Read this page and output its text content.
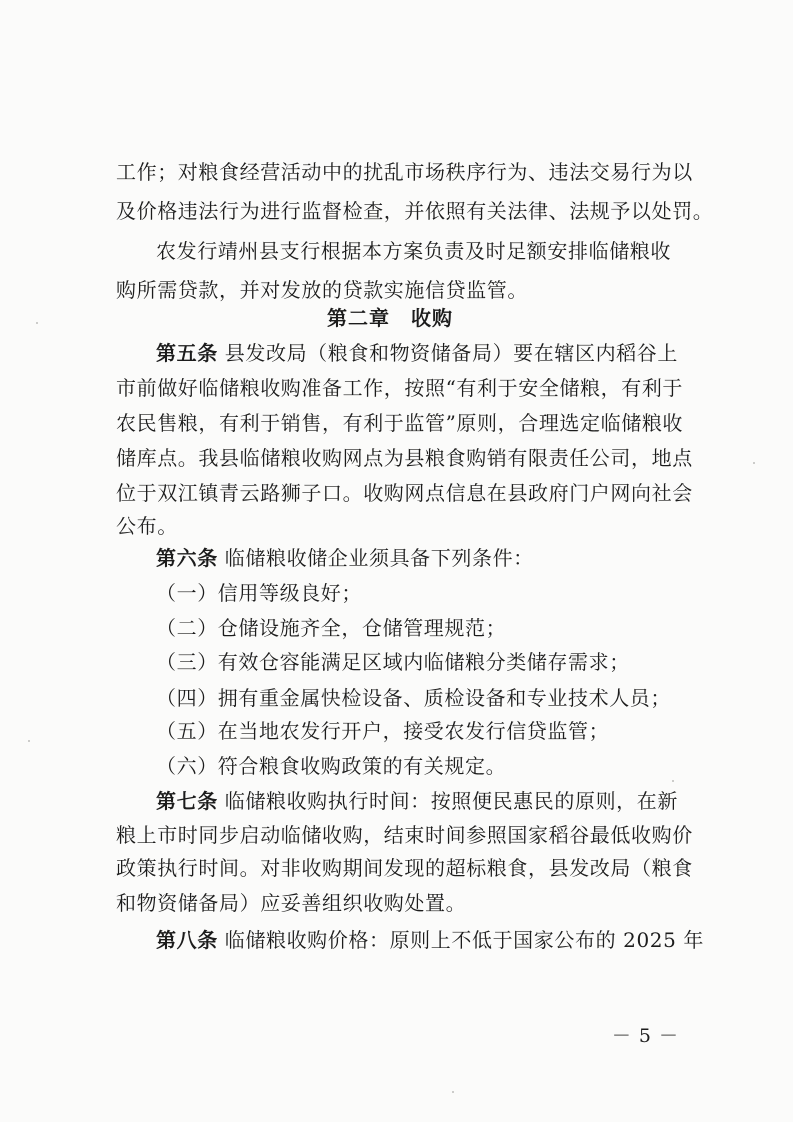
工作；对粮食经营活动中的扰乱市场秩序行为、违法交易行为以
及价格违法行为进行监督检查，并依照有关法律、法规予以处罚。
农发行靖州县支行根据本方案负责及时足额安排临储粮收
购所需贷款，并对发放的贷款实施信贷监管。
第二章　收购
第五条 县发改局（粮食和物资储备局）要在辖区内稻谷上
市前做好临储粮收购准备工作，按照“有利于安全储粮，有利于
农民售粮，有利于销售，有利于监管”原则，合理选定临储粮收
储库点。我县临储粮收购网点为县粮食购销有限责任公司，地点
位于双江镇青云路狮子口。收购网点信息在县政府门户网向社会
公布。
第六条 临储粮收储企业须具备下列条件：
（一）信用等级良好；
（二）仓储设施齐全，仓储管理规范；
（三）有效仓容能满足区域内临储粮分类储存需求；
（四）拥有重金属快检设备、质检设备和专业技术人员；
（五）在当地农发行开户，接受农发行信贷监管；
（六）符合粮食收购政策的有关规定。
第七条 临储粮收购执行时间：按照便民惠民的原则，在新
粮上市时同步启动临储收购，结束时间参照国家稻谷最低收购价
政策执行时间。对非收购期间发现的超标粮食，县发改局（粮食
和物资储备局）应妥善组织收购处置。
第八条 临储粮收购价格：原则上不低于国家公布的 2025 年
－ 5 －
